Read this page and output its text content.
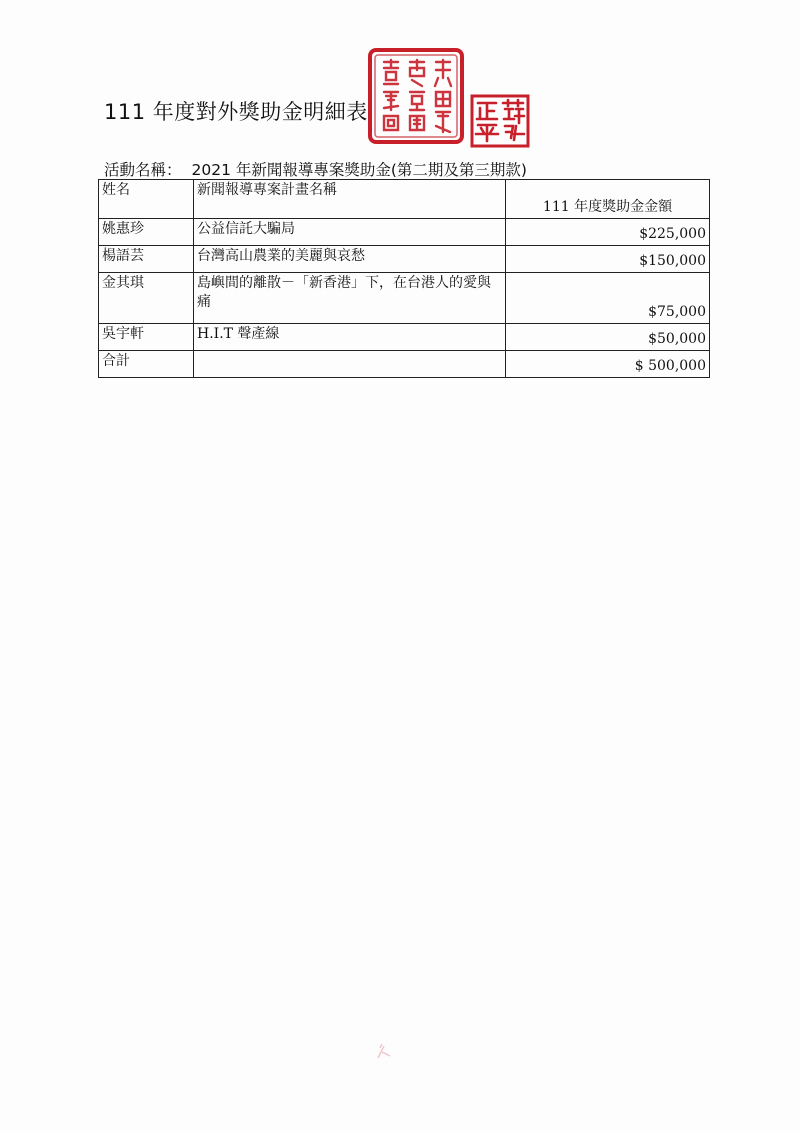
111 年度對外獎助金明細表
活動名稱： 2021 年新聞報導專案獎助金(第二期及第三期款)
姓名	新聞報導專案計畫名稱	111 年度獎助金金額
姚惠珍	公益信託大騙局	$225,000
楊語芸	台灣高山農業的美麗與哀愁	$150,000
金其琪	島嶼間的離散－「新香港」下，在台港人的愛與痛	$75,000
吳宇軒	H.I.T 聲產線	$50,000
合計		$ 500,000
